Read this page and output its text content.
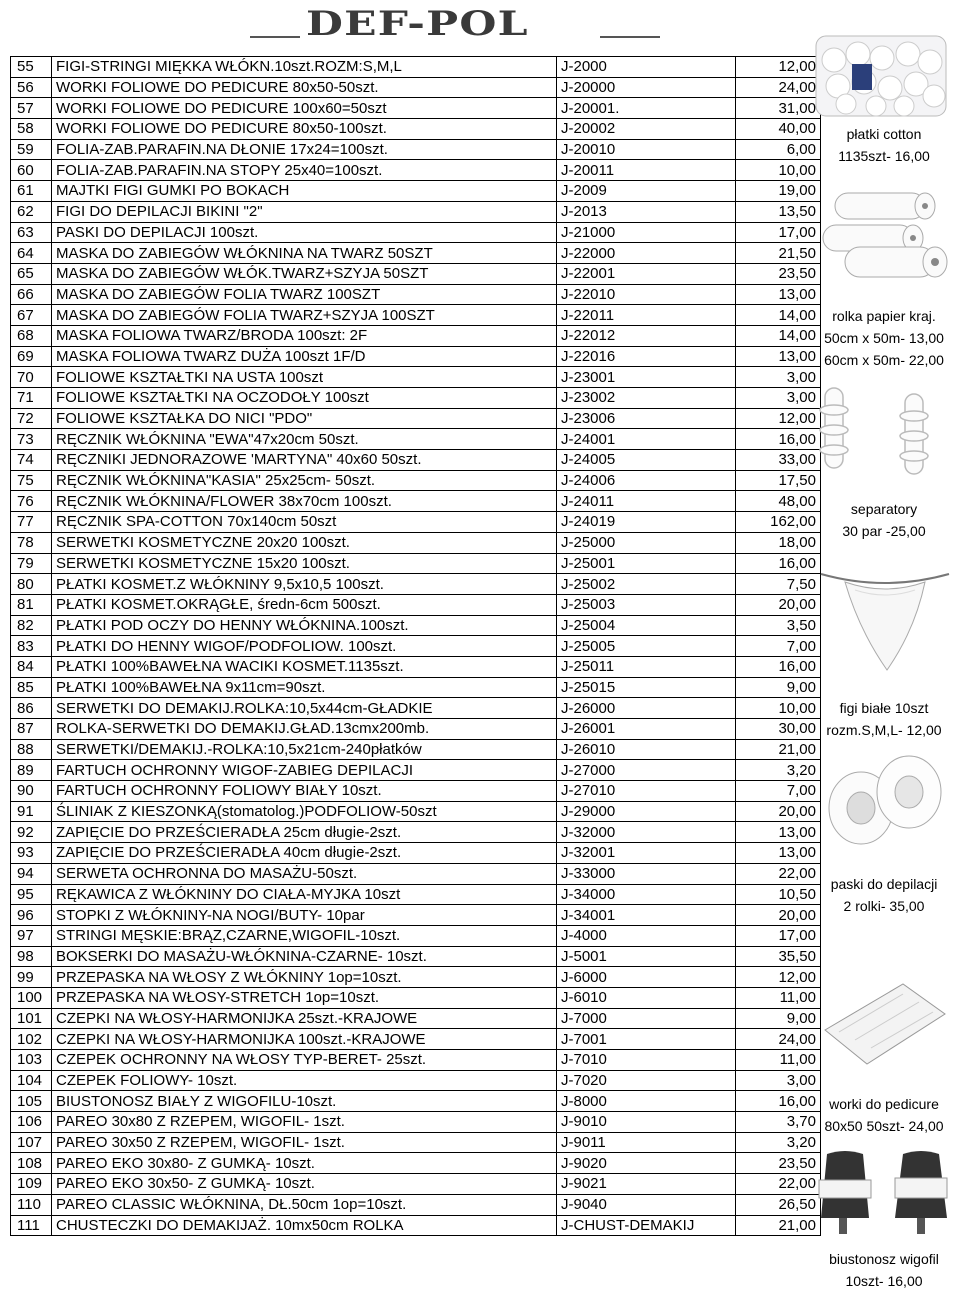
DEF-POL
55	FIGI-STRINGI MIĘKKA WŁÓKN.10szt.ROZM:S,M,L	J-2000	12,00
56	WORKI FOLIOWE DO PEDICURE 80x50-50szt.	J-20000	24,00
57	WORKI FOLIOWE DO PEDICURE 100x60=50szt	J-20001.	31,00
58	WORKI FOLIOWE DO PEDICURE 80x50-100szt.	J-20002	40,00
59	FOLIA-ZAB.PARAFIN.NA DŁONIE 17x24=100szt.	J-20010	6,00
60	FOLIA-ZAB.PARAFIN.NA STOPY 25x40=100szt.	J-20011	10,00
61	MAJTKI FIGI GUMKI PO BOKACH	J-2009	19,00
62	FIGI DO DEPILACJI BIKINI "2"	J-2013	13,50
63	PASKI DO DEPILACJI 100szt.	J-21000	17,00
64	MASKA DO ZABIEGÓW WŁÓKNINA NA TWARZ 50SZT	J-22000	21,50
65	MASKA DO ZABIEGÓW WŁÓK.TWARZ+SZYJA 50SZT	J-22001	23,50
66	MASKA DO ZABIEGÓW FOLIA TWARZ 100SZT	J-22010	13,00
67	MASKA DO ZABIEGÓW FOLIA TWARZ+SZYJA 100SZT	J-22011	14,00
68	MASKA FOLIOWA TWARZ/BRODA 100szt: 2F	J-22012	14,00
69	MASKA FOLIOWA TWARZ DUŻA 100szt 1F/D	J-22016	13,00
70	FOLIOWE KSZTAŁTKI NA USTA 100szt	J-23001	3,00
71	FOLIOWE KSZTAŁTKI NA OCZODOŁY 100szt	J-23002	3,00
72	FOLIOWE KSZTAŁKA DO NICI "PDO"	J-23006	12,00
73	RĘCZNIK WŁÓKNINA "EWA"47x20cm 50szt.	J-24001	16,00
74	RĘCZNIKI JEDNORAZOWE 'MARTYNA" 40x60 50szt.	J-24005	33,00
75	RĘCZNIK WŁÓKNINA"KASIA" 25x25cm- 50szt.	J-24006	17,50
76	RĘCZNIK WŁÓKNINA/FLOWER 38x70cm 100szt.	J-24011	48,00
77	RĘCZNIK SPA-COTTON 70x140cm 50szt	J-24019	162,00
78	SERWETKI KOSMETYCZNE 20x20 100szt.	J-25000	18,00
79	SERWETKI KOSMETYCZNE 15x20 100szt.	J-25001	16,00
80	PŁATKI KOSMET.Z WŁÓKNINY 9,5x10,5 100szt.	J-25002	7,50
81	PŁATKI KOSMET.OKRĄGŁE, średn-6cm 500szt.	J-25003	20,00
82	PŁATKI POD OCZY DO HENNY WŁÓKNINA.100szt.	J-25004	3,50
83	PŁATKI DO HENNY WIGOF/PODFOLIOW. 100szt.	J-25005	7,00
84	PŁATKI 100%BAWEŁNA WACIKI KOSMET.1135szt.	J-25011	16,00
85	PŁATKI 100%BAWEŁNA 9x11cm=90szt.	J-25015	9,00
86	SERWETKI DO DEMAKIJ.ROLKA:10,5x44cm-GŁADKIE	J-26000	10,00
87	ROLKA-SERWETKI DO DEMAKIJ.GŁAD.13cmx200mb.	J-26001	30,00
88	SERWETKI/DEMAKIJ.-ROLKA:10,5x21cm-240płatków	J-26010	21,00
89	FARTUCH OCHRONNY WIGOF-ZABIEG DEPILACJI	J-27000	3,20
90	FARTUCH OCHRONNY FOLIOWY BIAŁY 10szt.	J-27010	7,00
91	ŚLINIAK Z KIESZONKĄ(stomatolog.)PODFOLIOW-50szt	J-29000	20,00
92	ZAPIĘCIE DO PRZEŚCIERADŁA 25cm długie-2szt.	J-32000	13,00
93	ZAPIĘCIE DO PRZEŚCIERADŁA 40cm długie-2szt.	J-32001	13,00
94	SERWETA OCHRONNA DO MASAŻU-50szt.	J-33000	22,00
95	RĘKAWICA Z WŁÓKNINY DO CIAŁA-MYJKA 10szt	J-34000	10,50
96	STOPKI Z WŁÓKNINY-NA NOGI/BUTY- 10par	J-34001	20,00
97	STRINGI MĘSKIE:BRĄZ,CZARNE,WIGOFIL-10szt.	J-4000	17,00
98	BOKSERKI DO MASAŻU-WŁÓKNINA-CZARNE- 10szt.	J-5001	35,50
99	PRZEPASKA NA WŁOSY Z WŁÓKNINY 1op=10szt.	J-6000	12,00
100	PRZEPASKA NA WŁOSY-STRETCH 1op=10szt.	J-6010	11,00
101	CZEPKI NA WŁOSY-HARMONIJKA 25szt.-KRAJOWE	J-7000	9,00
102	CZEPKI NA WŁOSY-HARMONIJKA 100szt.-KRAJOWE	J-7001	24,00
103	CZEPEK OCHRONNY NA WŁOSY TYP-BERET- 25szt.	J-7010	11,00
104	CZEPEK FOLIOWY- 10szt.	J-7020	3,00
105	BIUSTONOSZ BIAŁY Z WIGOFILU-10szt.	J-8000	16,00
106	PAREO 30x80 Z RZEPEM, WIGOFIL- 1szt.	J-9010	3,70
107	PAREO 30x50 Z RZEPEM, WIGOFIL- 1szt.	J-9011	3,20
108	PAREO EKO 30x80- Z GUMKĄ- 10szt.	J-9020	23,50
109	PAREO EKO 30x50- Z GUMKĄ- 10szt.	J-9021	22,00
110	PAREO CLASSIC WŁÓKNINA, DŁ.50cm 1op=10szt.	J-9040	26,50
111	CHUSTECZKI DO DEMAKIJAŻ. 10mx50cm ROLKA	J-CHUST-DEMAKIJ	21,00
płatki cotton
1135szt- 16,00
rolka papier kraj.
50cm x 50m- 13,00
60cm x 50m- 22,00
separatory
30 par -25,00
figi białe 10szt
rozm.S,M,L- 12,00
paski do depilacji
2 rolki- 35,00
worki do pedicure
80x50 50szt- 24,00
biustonosz wigofil
10szt- 16,00
